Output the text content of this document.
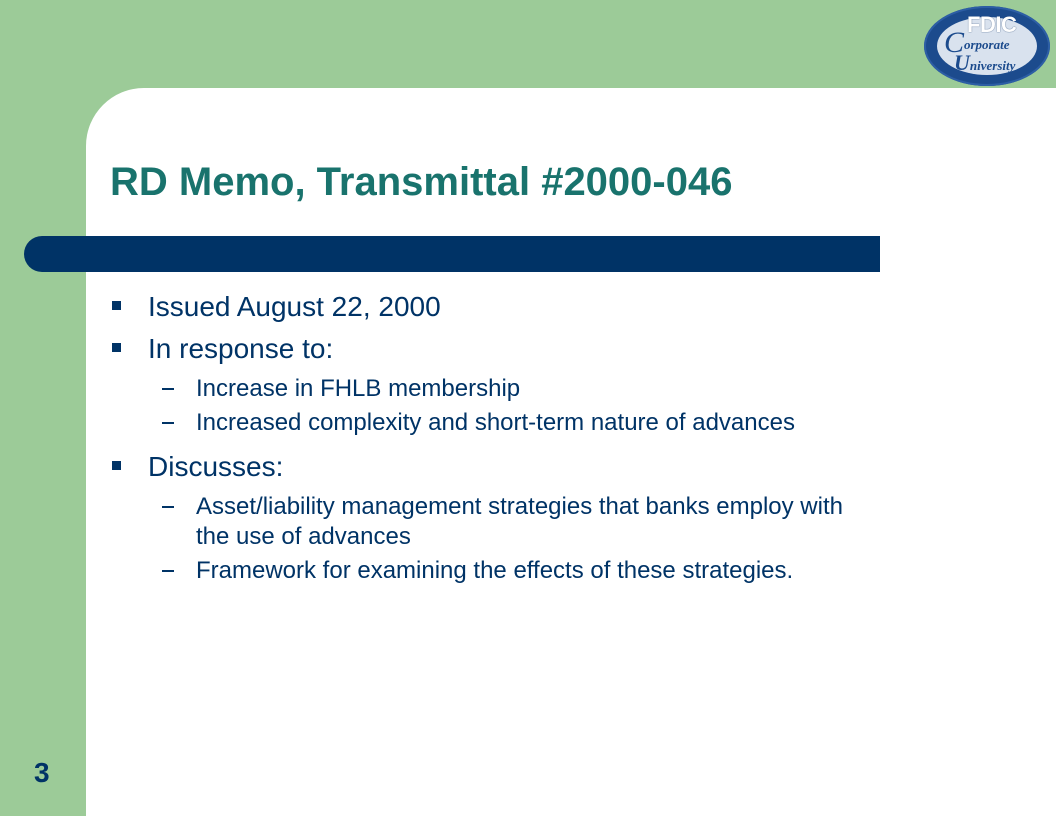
FDIC
C orporate
University
RD Memo, Transmittal #2000-046
Issued August 22, 2000
In response to:
Increase in FHLB membership
Increased complexity and short-term nature of advances
Discusses:
Asset/liability management strategies that banks employ with the use of advances
Framework for examining the effects of these strategies.
3
